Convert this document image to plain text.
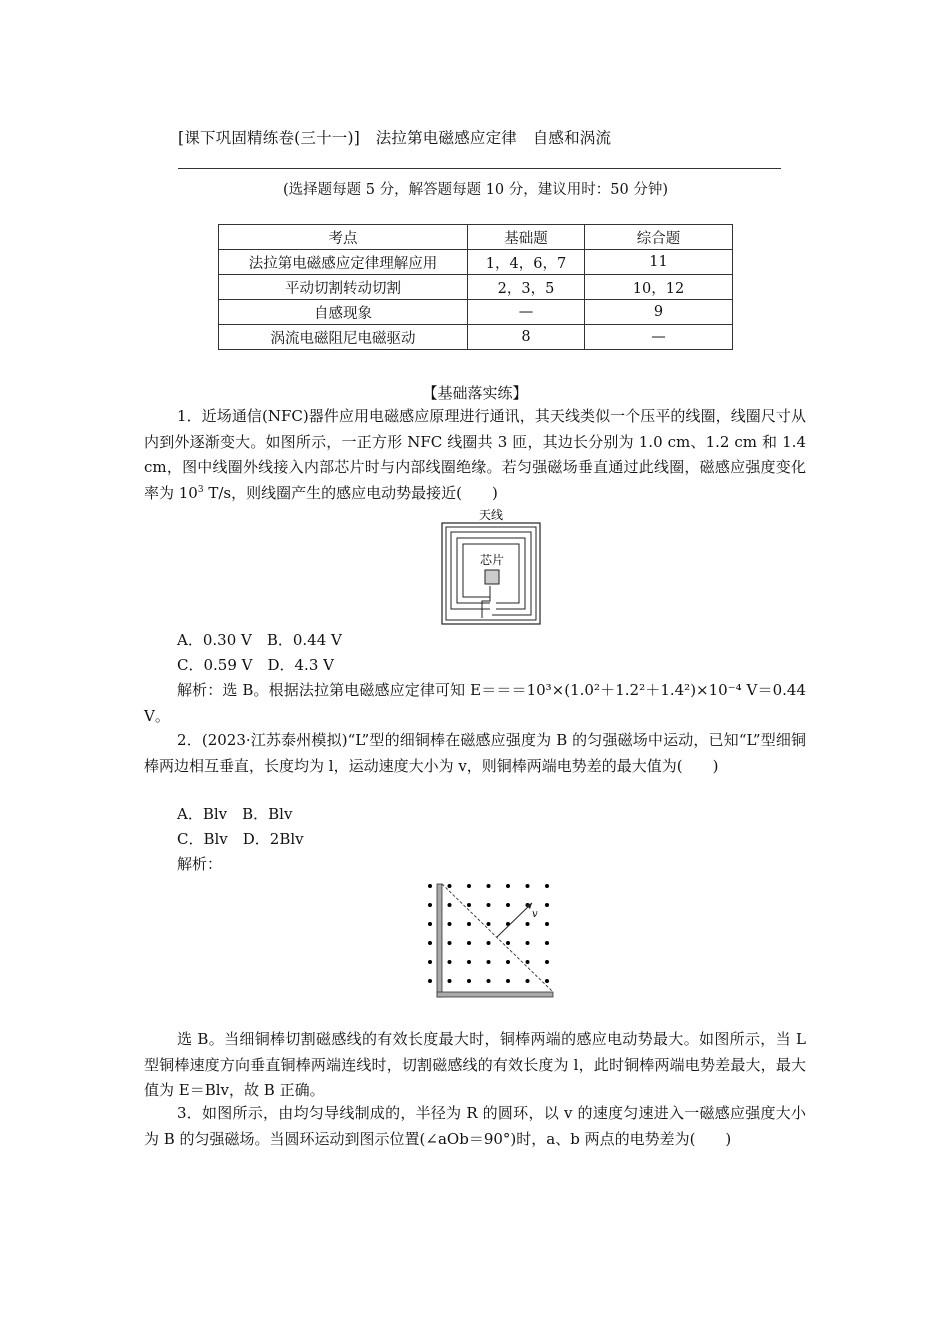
[课下巩固精练卷(三十一)]　法拉第电磁感应定律　自感和涡流
(选择题每题 5 分，解答题每题 10 分，建议用时：50 分钟)
考点	基础题	综合题
法拉第电磁感应定律理解应用	1，4，6，7	11
平动切割转动切割	2，3，5	10，12
自感现象	—	9
涡流电磁阻尼电磁驱动	8	—
【基础落实练】
1．近场通信(NFC)器件应用电磁感应原理进行通讯，其天线类似一个压平的线圈，线圈尺寸从内到外逐渐变大。如图所示，一正方形 NFC 线圈共 3 匝，其边长分别为 1.0 cm、1.2 cm 和 1.4 cm，图中线圈外线接入内部芯片时与内部线圈绝缘。若匀强磁场垂直通过此线圈，磁感应强度变化率为 $10^3$ T/s，则线圈产生的感应电动势最接近(　　)
天线
芯片
A．0.30 V　B．0.44 V
C．0.59 V　D．4.3 V
解析：选 B。根据法拉第电磁感应定律可知 E＝＝＝10³×(1.0²＋1.2²＋1.4²)×10⁻⁴ V＝0.44 V。
2．(2023·江苏泰州模拟)“L”型的细铜棒在磁感应强度为 B 的匀强磁场中运动，已知“L”型细铜棒两边相互垂直，长度均为 l，运动速度大小为 v，则铜棒两端电势差的最大值为(　　)
A．Blv　B．Blv
C．Blv　D．2Blv
解析：
v
选 B。当细铜棒切割磁感线的有效长度最大时，铜棒两端的感应电动势最大。如图所示，当 L 型铜棒速度方向垂直铜棒两端连线时，切割磁感线的有效长度为 l，此时铜棒两端电势差最大，最大值为 E＝Blv，故 B 正确。
3．如图所示，由均匀导线制成的，半径为 R 的圆环，以 v 的速度匀速进入一磁感应强度大小为 B 的匀强磁场。当圆环运动到图示位置(∠aOb＝90°)时，a、b 两点的电势差为(　　)
